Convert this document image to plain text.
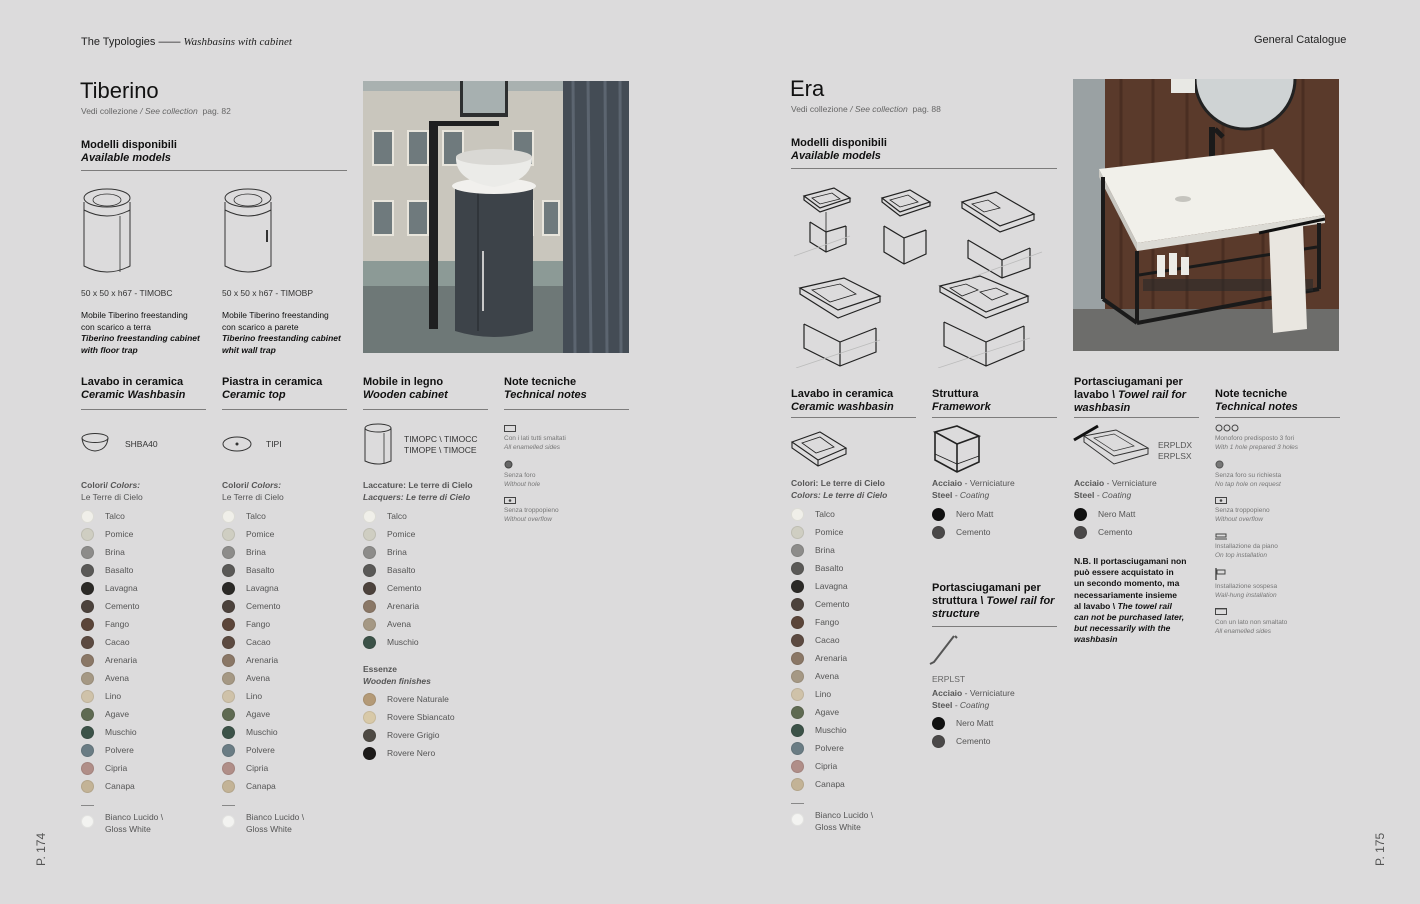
The Typologies —— Washbasins with cabinet	General Catalogue
P. 174	P. 175
Tiberino
Vedi collezione / See collection pag. 82
Modelli disponibili
Available models
50 x 50 x h67 - TIMOBC	50 x 50 x h67 - TIMOBP
Mobile Tiberino freestanding
con scarico a terra
Tiberino freestanding cabinet
with floor trap
Mobile Tiberino freestanding
con scarico a parete
Tiberino freestanding cabinet
whit wall trap
Lavabo in ceramica
Ceramic Washbasin
Piastra in ceramica
Ceramic top
Mobile in legno
Wooden cabinet
Note tecniche
Technical notes
SHBA40	TIPI	TIMOPC \ TIMOCC
TIMOPE \ TIMOCE
Con i lati tutti smaltati
All enamelled sides
Senza foro
Without hole
Senza troppopieno
Without overflow
Colori/ Colors:
Le Terre di Cielo
Talco
Pomice
Brina
Basalto
Lavagna
Cemento
Fango
Cacao
Arenaria
Avena
Lino
Agave
Muschio
Polvere
Cipria
Canapa
Bianco Lucido \
Gloss White
Colori/ Colors:
Le Terre di Cielo
Talco
Pomice
Brina
Basalto
Lavagna
Cemento
Fango
Cacao
Arenaria
Avena
Lino
Agave
Muschio
Polvere
Cipria
Canapa
Bianco Lucido \
Gloss White
Laccature: Le terre di Cielo
Lacquers: Le terre di Cielo
Talco
Pomice
Brina
Basalto
Cemento
Arenaria
Avena
Muschio
Essenze
Wooden finishes
Rovere Naturale
Rovere Sbiancato
Rovere Grigio
Rovere Nero
Era
Vedi collezione / See collection pag. 88
Modelli disponibili
Available models
Lavabo in ceramica
Ceramic washbasin
Struttura
Framework
Portasciugamani per
lavabo \ Towel rail for
washbasin
Note tecniche
Technical notes
Colori: Le terre di Cielo
Colors: Le terre di Cielo
Talco
Pomice
Brina
Basalto
Lavagna
Cemento
Fango
Cacao
Arenaria
Avena
Lino
Agave
Muschio
Polvere
Cipria
Canapa
Bianco Lucido \
Gloss White
Acciaio - Verniciature
Steel - Coating
Nero Matt
Cemento
Portasciugamani per
struttura \ Towel rail for
structure
ERPLST
Acciaio - Verniciature
Steel - Coating
Nero Matt
Cemento
ERPLDX
ERPLSX
Acciaio - Verniciature
Steel - Coating
Nero Matt
Cemento
N.B. Il portasciugamani non
può essere acquistato in
un secondo momento, ma
necessariamente insieme
al lavabo \ The towel rail
can not be purchased later,
but necessarily with the
washbasin
Monoforo predisposto 3 fori
With 1 hole prepared 3 holes
Senza foro su richiesta
No tap hole on request
Senza troppopieno
Without overflow
Installazione da piano
On top installation
Installazione sospesa
Wall-hung installation
Con un lato non smaltato
All enamelled sides
